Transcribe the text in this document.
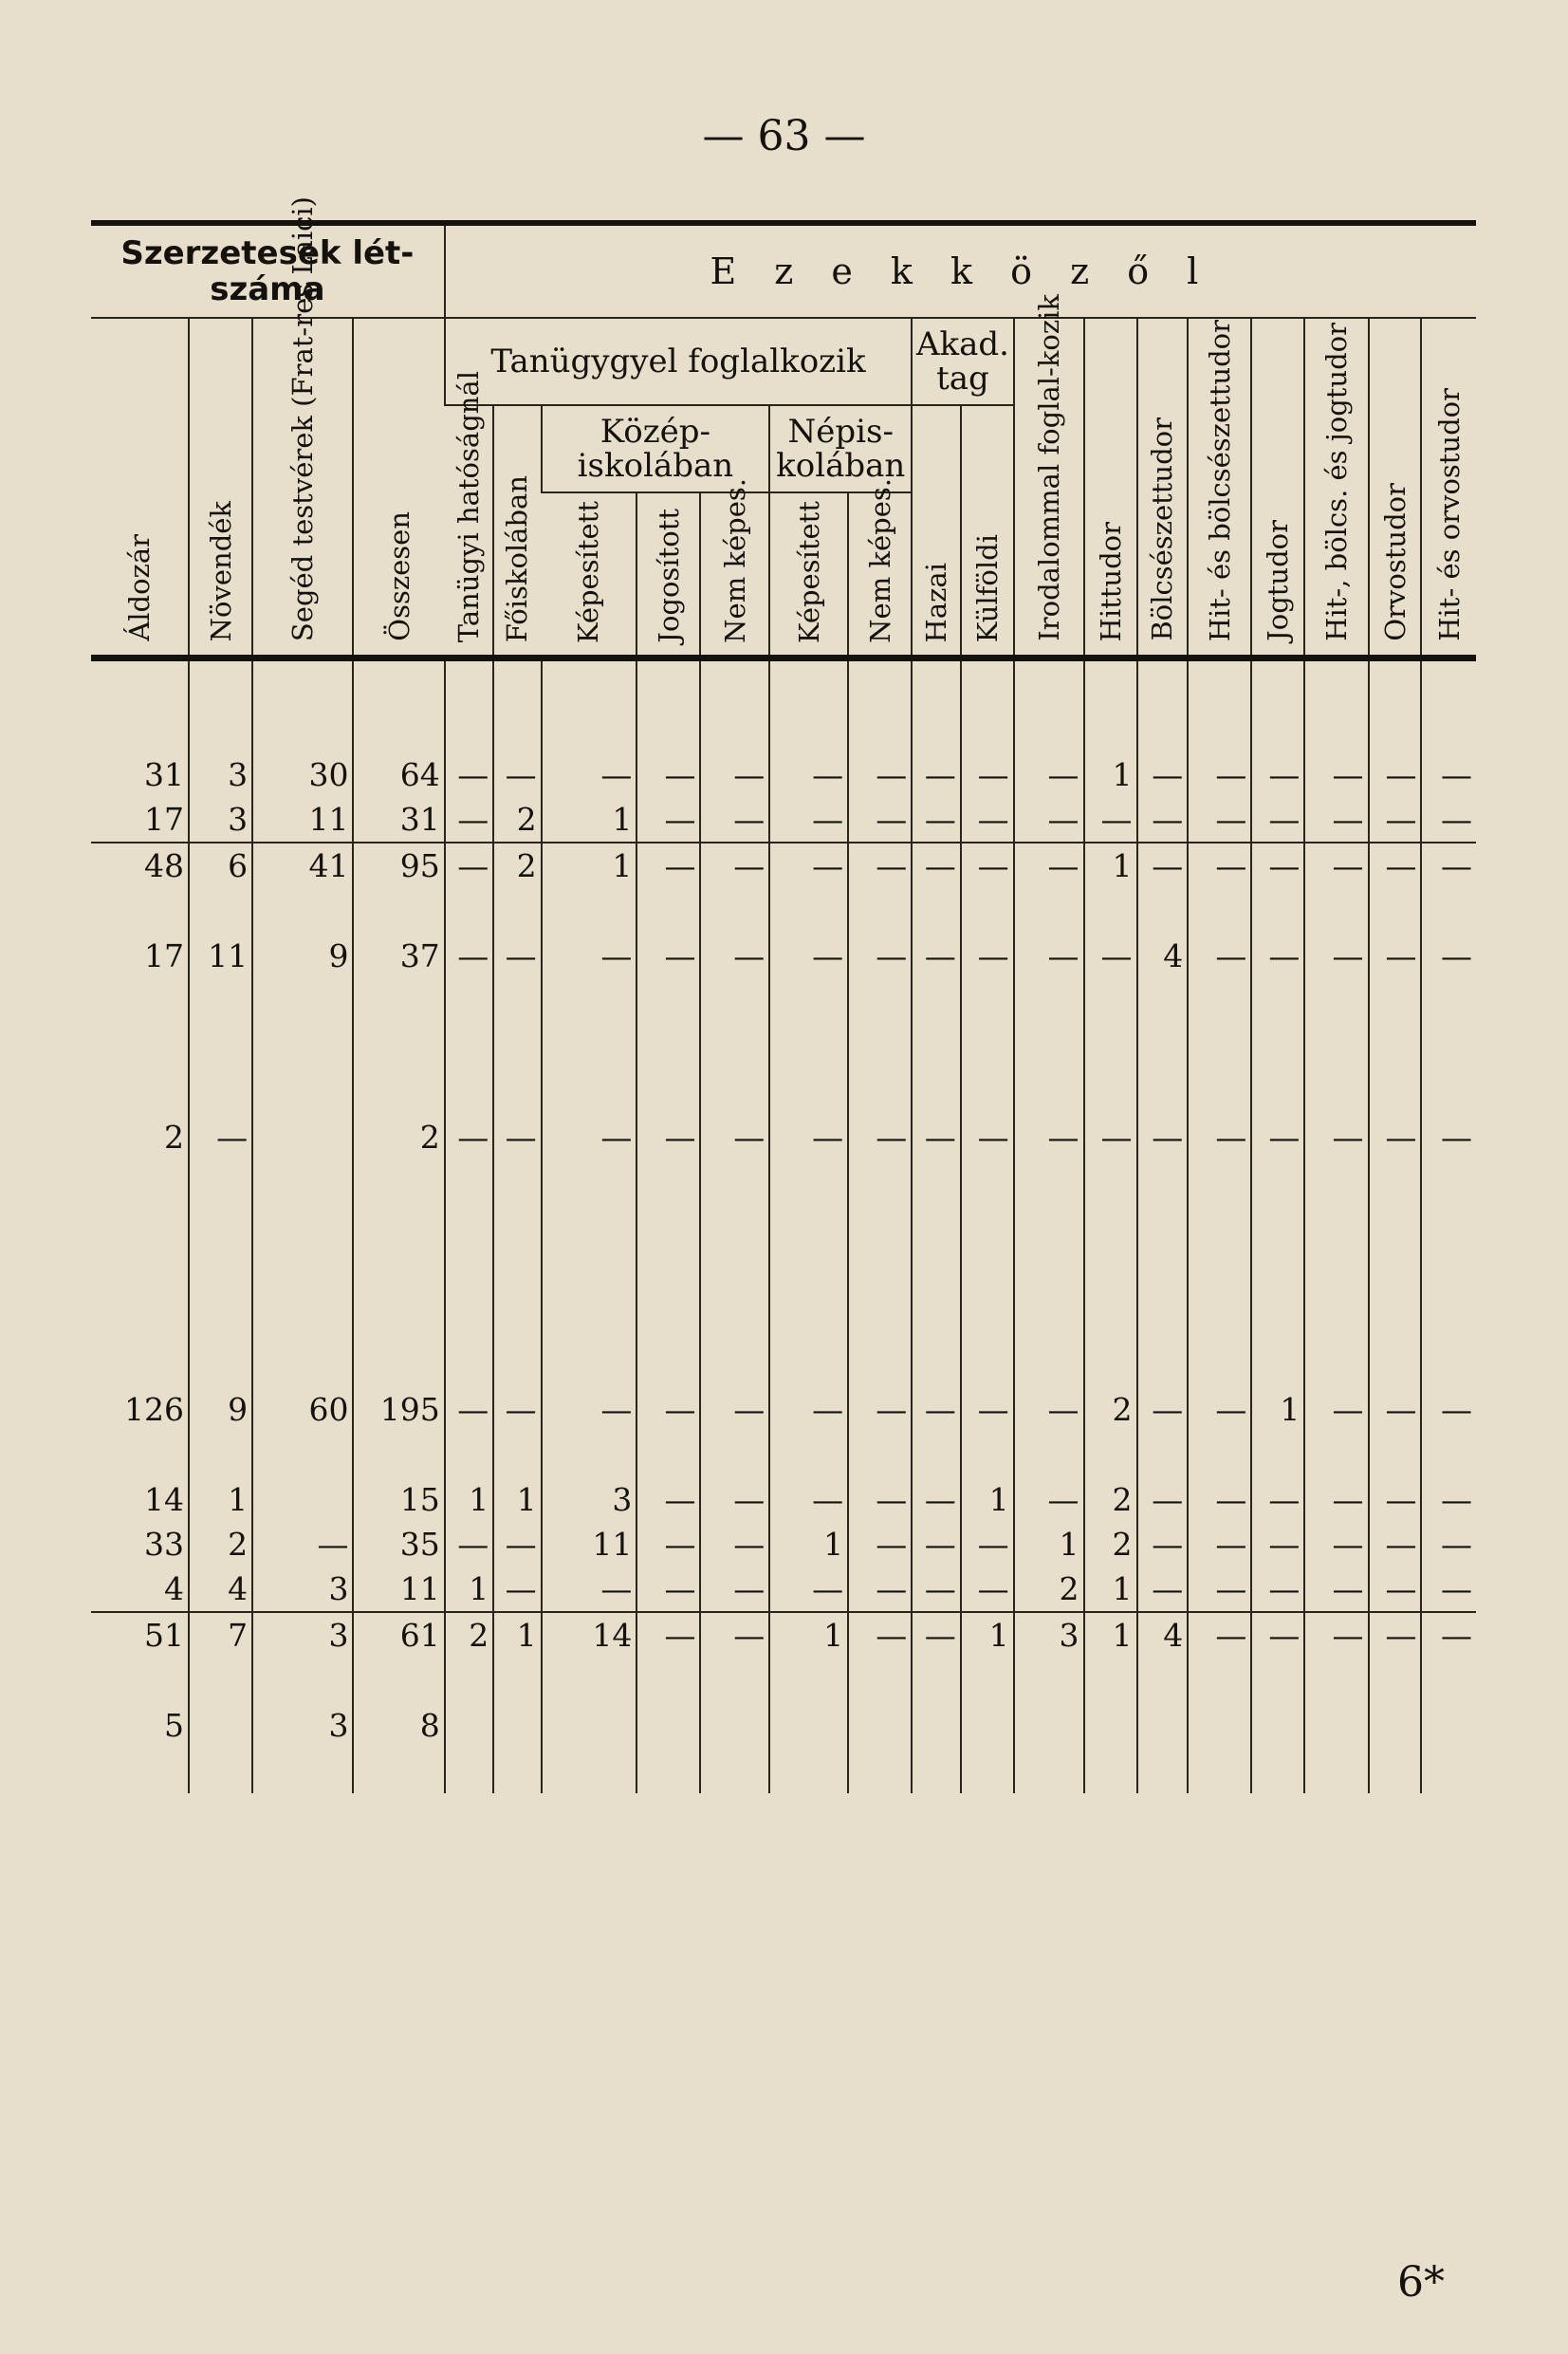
— 63 —
Szerzetesek lét-száma				E z e k k ö z ő l																

Áldozár	Növendék	Segéd testvérek (Frat-res Laici)	Összesen	Tanügygyel foglalkozik							Akad. tag		Irodalommal foglal-kozik	Hittudor	Bölcsészettudor	Hit- és bölcsészettudor	Jogtudor	Hit-, bölcs. és jogtudor	Orvostudor	Hit- és orvostudor

				Tanügyi hatóságnál	Főiskolában	Közép-iskolában			Népis-kolában		Hazai	Külföldi								

						Képesített	Jogosított	Nem képes.	Képesített	Nem képes.										

31	3	30	64	—	—	—	—	—	—	—	—	—	—	1	—	—	—	—	—	—
17	3	11	31	—	2	1	—	—	—	—	—	—	—	—	—	—	—	—	—	—
48	6	41	95	—	2	1	—	—	—	—	—	—	—	1	—	—	—	—	—	—

17	11	9	37	—	—	—	—	—	—	—	—	—	—	—	4	—	—	—	—	—

2	—		2	—	—	—	—	—	—	—	—	—	—	—	—	—	—	—	—	—

126	9	60	195	—	—	—	—	—	—	—	—	—	—	2	—	—	1	—	—	—

14	1		15	1	1	3	—	—	—	—	—	1	—	2	—	—	—	—	—	—
33	2	—	35	—	—	11	—	—	1	—	—	—	1	2	—	—	—	—	—	—
4	4	3	11	1	—	—	—	—	—	—	—	—	2	1	—	—	—	—	—	—
51	7	3	61	2	1	14	—	—	1	—	—	1	3	1	4	—	—	—	—	—

5		3	8																	

6*
